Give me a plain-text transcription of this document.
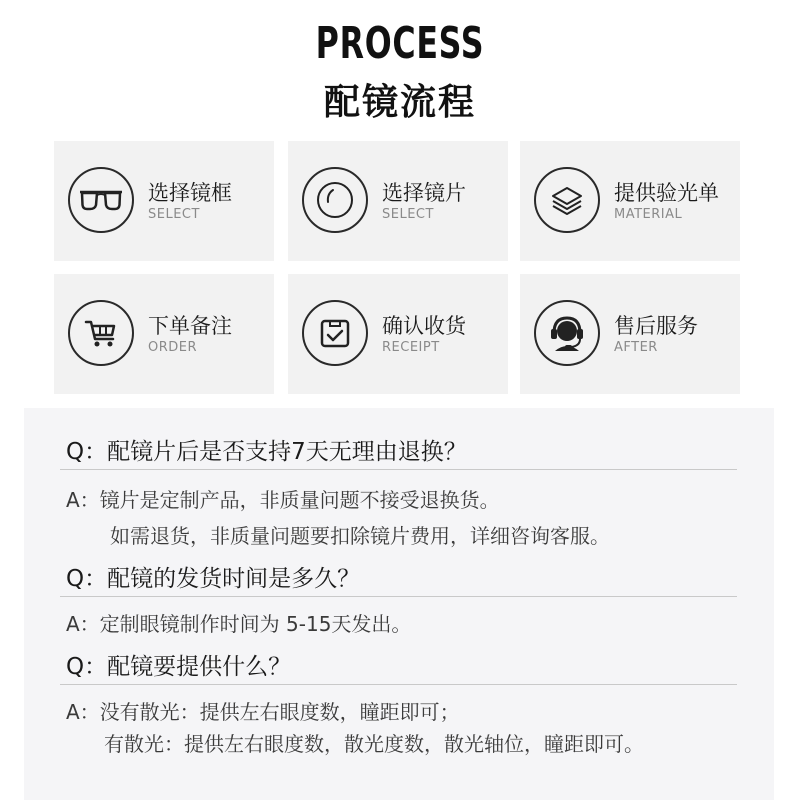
PROCESS
配镜流程
选择镜框
SELECT
选择镜片
SELECT
提供验光单
MATERIAL
下单备注
ORDER
确认收货
RECEIPT
售后服务
AFTER
Q：配镜片后是否支持7天无理由退换？
A：镜片是定制产品，非质量问题不接受退换货。
如需退货，非质量问题要扣除镜片费用，详细咨询客服。
Q：配镜的发货时间是多久？
A：定制眼镜制作时间为 5-15天发出。
Q：配镜要提供什么？
A：没有散光：提供左右眼度数，瞳距即可；
有散光：提供左右眼度数，散光度数，散光轴位，瞳距即可。
